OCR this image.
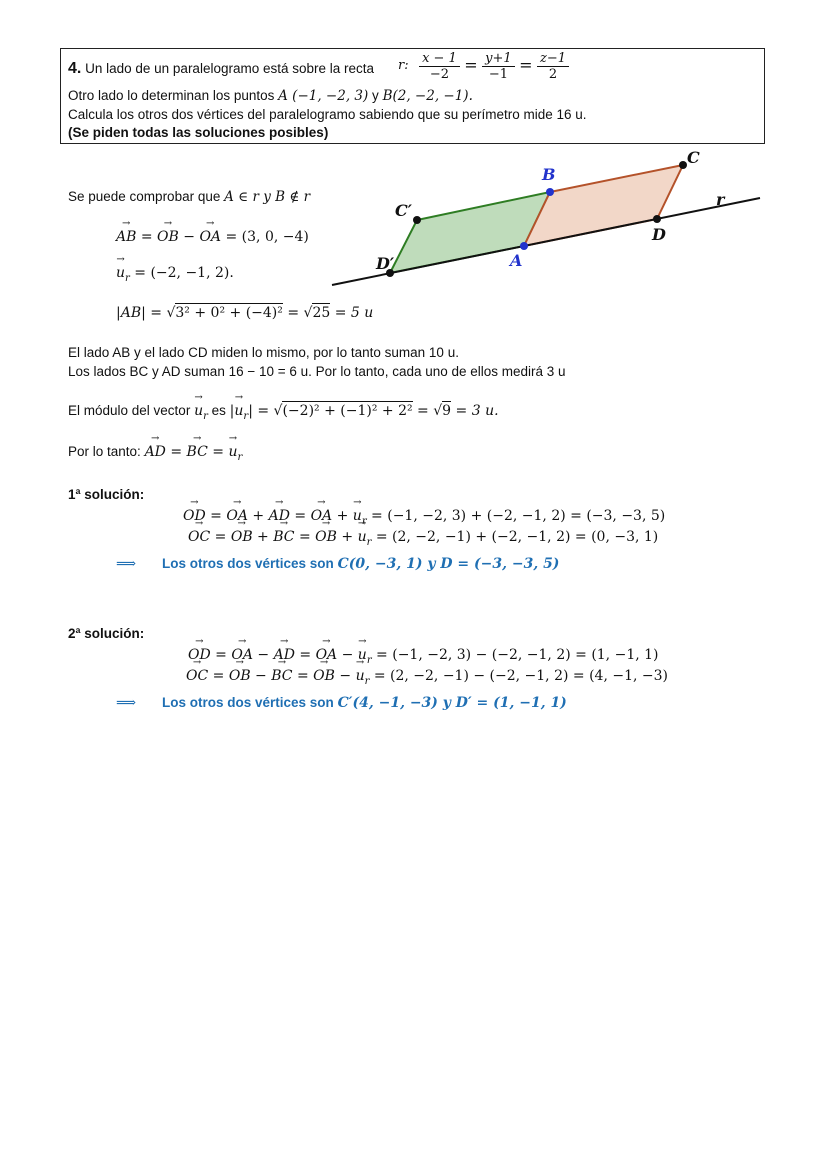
4. Un lado de un paralelogramo está sobre la recta r: $\frac{x - 1}{-2} = \frac{y+1}{-1} = \frac{z-1}{2}$
Otro lado lo determinan los puntos A (−1, −2, 3) y B(2, −2, −1).
Calcula los otros dos vértices del paralelogramo sabiendo que su perímetro mide 16 u.
(Se piden todas las soluciones posibles)
B
C
C′
D
D′	A
r
Se puede comprobar que A ∈ r y B ∉ r
AB → = OB → − OA → = (3, 0, −4)
$u \to_r = (-2$, −1, 2).
|AB| = √3² + 0² + (−4)² = √25 = 5 u
El lado AB y el lado CD miden lo mismo, por lo tanto suman 10 u.
Los lados BC y AD suman 16 − 10 = 6 u. Por lo tanto, cada uno de ellos medirá 3 u
El módulo del vector $u \to_r$ es $|u \to_r| = √(-2)^2 + (-1)^2 + 2^2 = √9 = 3$ u.
Por lo tanto: AD → = BC → = $u \to_r$
1ª solución:
OD → = OA → + AD → = OA → + $u \to_r = (-1$, −2, 3) + (−2, −1, 2) = (−3, −3, 5)
OC → = OB → + BC → = OB → + $u \to_r = (2$, −2, −1) + (−2, −1, 2) = (0, −3, 1)
⟹ Los otros dos vértices son C(0, −3, 1) y D = (−3, −3, 5)
2ª solución:
OD → = OA → − AD → = OA → − $u \to_r = (-1$, −2, 3) − (−2, −1, 2) = (1, −1, 1)
OC → = OB → − BC → = OB → − $u \to_r = (2$, −2, −1) − (−2, −1, 2) = (4, −1, −3)
⟹ Los otros dos vértices son C′(4, −1, −3) y D′ = (1, −1, 1)
